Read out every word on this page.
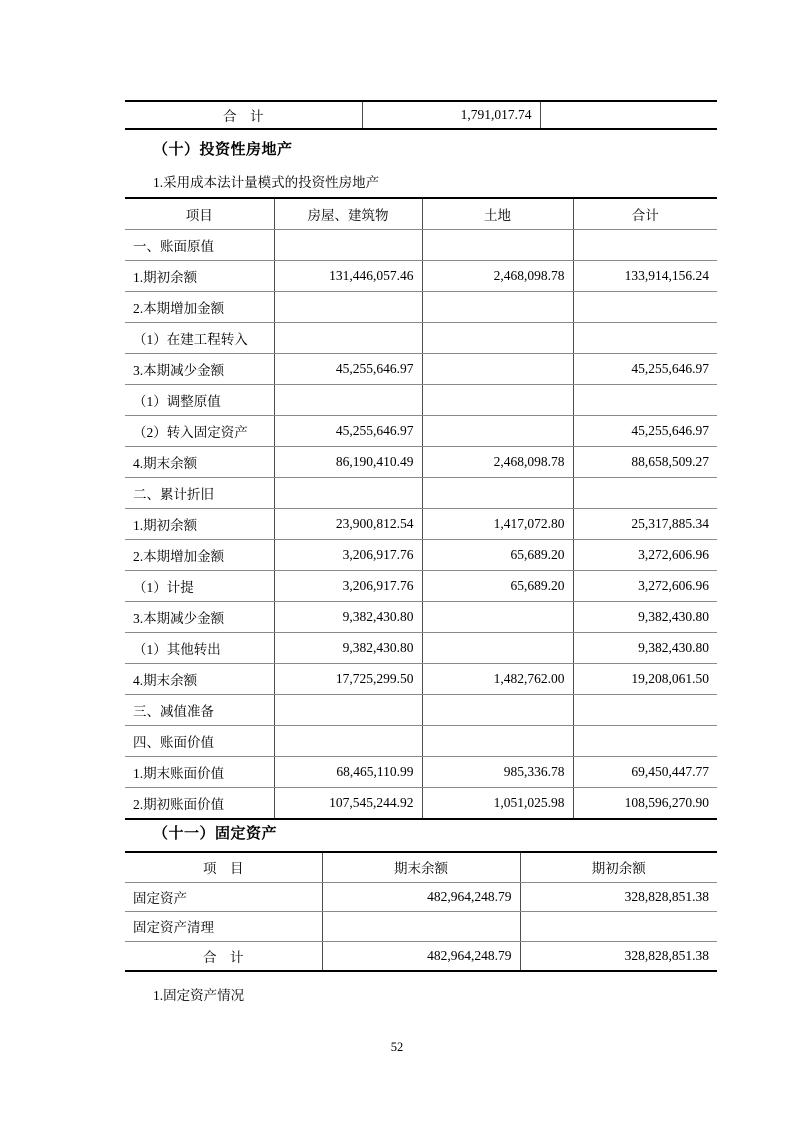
合　计	1,791,017.74	
（十）投资性房地产
1.采用成本法计量模式的投资性房地产
项目	房屋、建筑物	土地	合计
一、账面原值			
1.期初余额	131,446,057.46	2,468,098.78	133,914,156.24
2.本期增加金额			
（1）在建工程转入			
3.本期减少金额	45,255,646.97		45,255,646.97
（1）调整原值			
（2）转入固定资产	45,255,646.97		45,255,646.97
4.期末余额	86,190,410.49	2,468,098.78	88,658,509.27
二、累计折旧			
1.期初余额	23,900,812.54	1,417,072.80	25,317,885.34
2.本期增加金额	3,206,917.76	65,689.20	3,272,606.96
（1）计提	3,206,917.76	65,689.20	3,272,606.96
3.本期减少金额	9,382,430.80		9,382,430.80
（1）其他转出	9,382,430.80		9,382,430.80
4.期末余额	17,725,299.50	1,482,762.00	19,208,061.50
三、减值准备			
四、账面价值			
1.期末账面价值	68,465,110.99	985,336.78	69,450,447.77
2.期初账面价值	107,545,244.92	1,051,025.98	108,596,270.90
（十一）固定资产
项　目	期末余额	期初余额
固定资产	482,964,248.79	328,828,851.38
固定资产清理		
合　计	482,964,248.79	328,828,851.38
1.固定资产情况
52
